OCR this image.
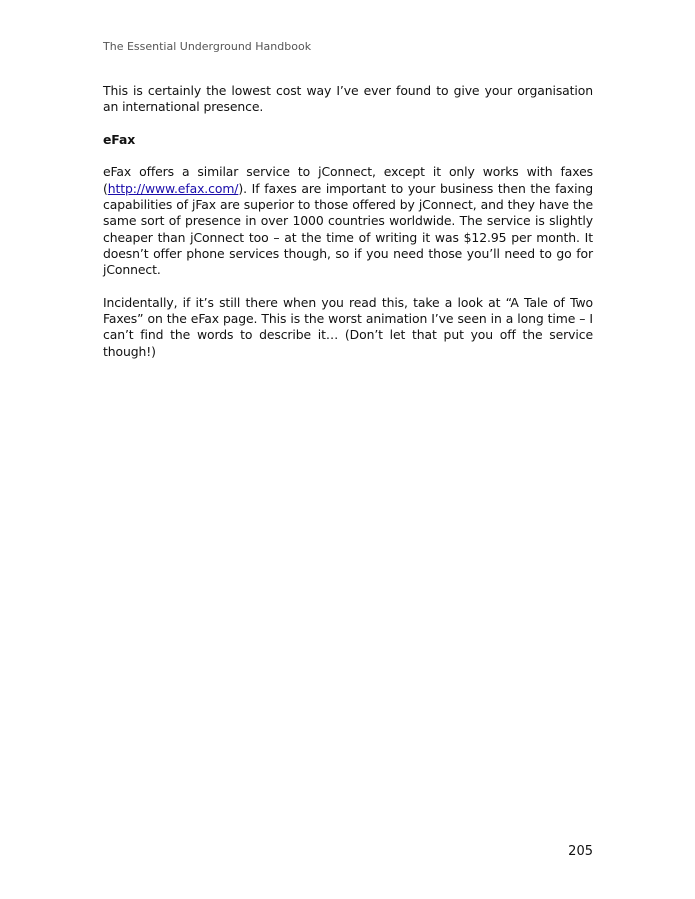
The Essential Underground Handbook

This is certainly the lowest cost way I’ve ever found to give your organisation an international presence.

eFax

eFax offers a similar service to jConnect, except it only works with faxes (http://www.efax.com/). If faxes are important to your business then the faxing capabilities of jFax are superior to those offered by jConnect, and they have the same sort of presence in over 1000 countries worldwide. The service is slightly cheaper than jConnect too – at the time of writing it was $12.95 per month. It doesn’t offer phone services though, so if you need those you’ll need to go for jConnect.

Incidentally, if it’s still there when you read this, take a look at “A Tale of Two Faxes” on the eFax page. This is the worst animation I’ve seen in a long time – I can’t find the words to describe it… (Don’t let that put you off the service though!)

205
